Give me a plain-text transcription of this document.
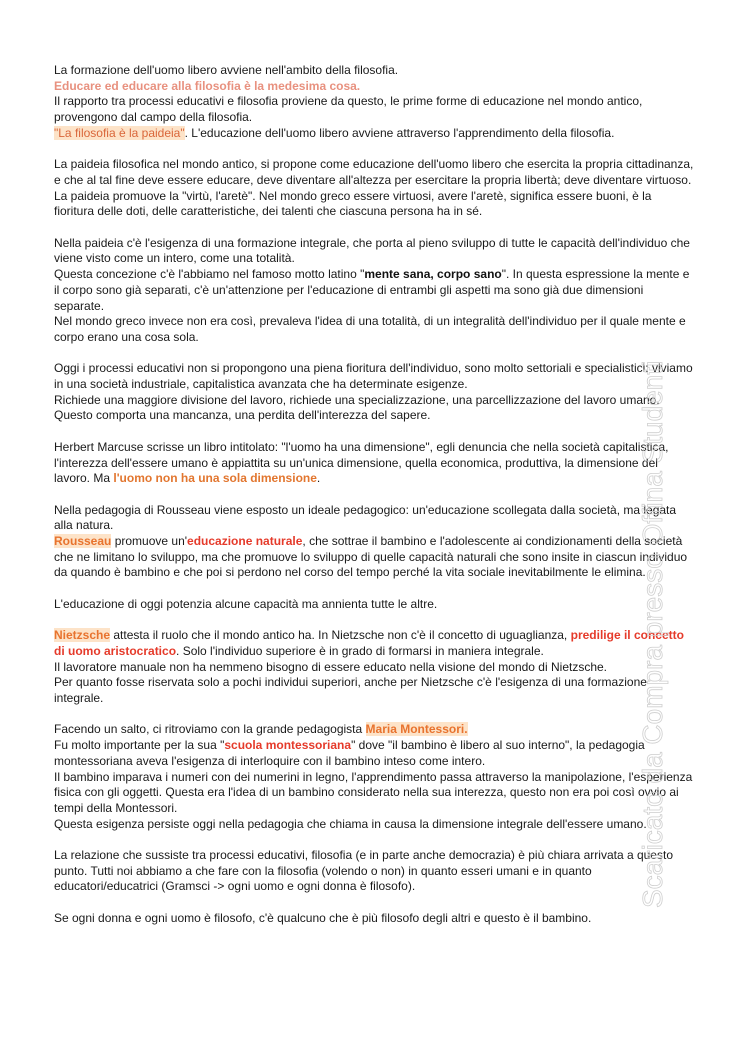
La formazione dell'uomo libero avviene nell'ambito della filosofia.
Educare ed educare alla filosofia è la medesima cosa.
Il rapporto tra processi educativi e filosofia proviene da questo, le prime forme di educazione nel mondo antico, provengono dal campo della filosofia.
"La filosofia è la paideia". L'educazione dell'uomo libero avviene attraverso l'apprendimento della filosofia.

La paideia filosofica nel mondo antico, si propone come educazione dell'uomo libero che esercita la propria cittadinanza, e che al tal fine deve essere educare, deve diventare all'altezza per esercitare la propria libertà; deve diventare virtuoso.
La paideia promuove la "virtù, l'aretè". Nel mondo greco essere virtuosi, avere l'aretè, significa essere buoni, è la fioritura delle doti, delle caratteristiche, dei talenti che ciascuna persona ha in sé.

Nella paideia c'è l'esigenza di una formazione integrale, che porta al pieno sviluppo di tutte le capacità dell'individuo che viene visto come un intero, come una totalità.
Questa concezione c'è l'abbiamo nel famoso motto latino "mente sana, corpo sano". In questa espressione la mente e il corpo sono già separati, c'è un'attenzione per l'educazione di entrambi gli aspetti ma sono già due dimensioni separate.
Nel mondo greco invece non era così, prevaleva l'idea di una totalità, di un integralità dell'individuo per il quale mente e corpo erano una cosa sola.

Oggi i processi educativi non si propongono una piena fioritura dell'individuo, sono molto settoriali e specialistici: viviamo in una società industriale, capitalistica avanzata che ha determinate esigenze.
Richiede una maggiore divisione del lavoro, richiede una specializzazione, una parcellizzazione del lavoro umano.
Questo comporta una mancanza, una perdita dell'interezza del sapere.

Herbert Marcuse scrisse un libro intitolato: "l'uomo ha una dimensione", egli denuncia che nella società capitalistica, l'interezza dell'essere umano è appiattita su un'unica dimensione, quella economica, produttiva, la dimensione del lavoro. Ma l'uomo non ha una sola dimensione.

Nella pedagogia di Rousseau viene esposto un ideale pedagogico: un'educazione scollegata dalla società, ma legata alla natura.
Rousseau promuove un'educazione naturale, che sottrae il bambino e l'adolescente ai condizionamenti della società che ne limitano lo sviluppo, ma che promuove lo sviluppo di quelle capacità naturali che sono insite in ciascun individuo da quando è bambino e che poi si perdono nel corso del tempo perché la vita sociale inevitabilmente le elimina.

L'educazione di oggi potenzia alcune capacità ma annienta tutte le altre.

Nietzsche attesta il ruolo che il mondo antico ha. In Nietzsche non c'è il concetto di uguaglianza, predilige il concetto di uomo aristocratico. Solo l'individuo superiore è in grado di formarsi in maniera integrale.
Il lavoratore manuale non ha nemmeno bisogno di essere educato nella visione del mondo di Nietzsche.
Per quanto fosse riservata solo a pochi individui superiori, anche per Nietzsche c'è l'esigenza di una formazione integrale.

Facendo un salto, ci ritroviamo con la grande pedagogista Maria Montessori.
Fu molto importante per la sua "scuola montessoriana" dove "il bambino è libero al suo interno", la pedagogia montessoriana aveva l'esigenza di interloquire con il bambino inteso come intero.
Il bambino imparava i numeri con dei numerini in legno, l'apprendimento passa attraverso la manipolazione, l'esperienza fisica con gli oggetti. Questa era l'idea di un bambino considerato nella sua interezza, questo non era poi così ovvio ai tempi della Montessori.
Questa esigenza persiste oggi nella pedagogia che chiama in causa la dimensione integrale dell'essere umano.

La relazione che sussiste tra processi educativi, filosofia (e in parte anche democrazia) è più chiara arrivata a questo punto. Tutti noi abbiamo a che fare con la filosofia (volendo o non) in quanto esseri umani e in quanto educatori/educatrici (Gramsci -> ogni uomo e ogni donna è filosofo).

Se ogni donna e ogni uomo è filosofo, c'è qualcuno che è più filosofo degli altri e questo è il bambino.

Scaricato da Compra presso Offina Studenti
